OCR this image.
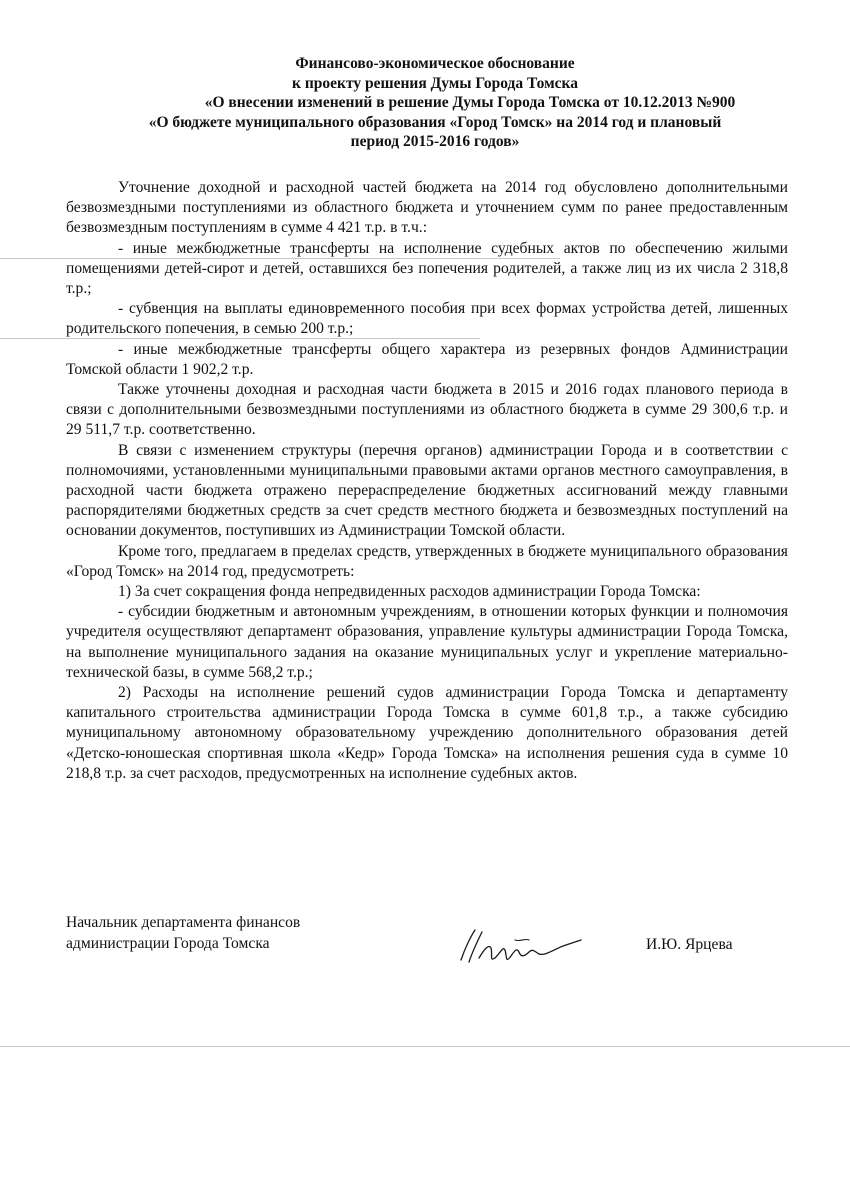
Финансово-экономическое обоснование
к проекту решения Думы Города Томска
«О внесении изменений в решение Думы Города Томска от 10.12.2013 №900
«О бюджете муниципального образования «Город Томск» на 2014 год и плановый
период 2015-2016 годов»

Уточнение доходной и расходной частей бюджета на 2014 год обусловлено дополнительными безвозмездными поступлениями из областного бюджета и уточнением сумм по ранее предоставленным безвозмездным поступлениям в сумме 4 421 т.р. в т.ч.:

- иные межбюджетные трансферты на исполнение судебных актов по обеспечению жилыми помещениями детей-сирот и детей, оставшихся без попечения родителей, а также лиц из их числа 2 318,8 т.р.;

- субвенция на выплаты единовременного пособия при всех формах устройства детей, лишенных родительского попечения, в семью 200 т.р.;

- иные межбюджетные трансферты общего характера из резервных фондов Администрации Томской области 1 902,2 т.р.

Также уточнены доходная и расходная части бюджета в 2015 и 2016 годах планового периода в связи с дополнительными безвозмездными поступлениями из областного бюджета в сумме 29 300,6 т.р. и 29 511,7 т.р. соответственно.

В связи с изменением структуры (перечня органов) администрации Города и в соответствии с полномочиями, установленными муниципальными правовыми актами органов местного самоуправления, в расходной части бюджета отражено перераспределение бюджетных ассигнований между главными распорядителями бюджетных средств за счет средств местного бюджета и безвозмездных поступлений на основании документов, поступивших из Администрации Томской области.

Кроме того, предлагаем в пределах средств, утвержденных в бюджете муниципального образования «Город Томск» на 2014 год, предусмотреть:

1) За счет сокращения фонда непредвиденных расходов администрации Города Томска:

- субсидии бюджетным и автономным учреждениям, в отношении которых функции и полномочия учредителя осуществляют департамент образования, управление культуры администрации Города Томска, на выполнение муниципального задания на оказание муниципальных услуг и укрепление материально-технической базы, в сумме 568,2 т.р.;

2) Расходы на исполнение решений судов администрации Города Томска и департаменту капитального строительства администрации Города Томска в сумме 601,8 т.р., а также субсидию муниципальному автономному образовательному учреждению дополнительного образования детей «Детско-юношеская спортивная школа «Кедр» Города Томска» на исполнения решения суда в сумме 10 218,8 т.р. за счет расходов, предусмотренных на исполнение судебных актов.

Начальник департамента финансов
администрации Города Томска	И.Ю. Ярцева
